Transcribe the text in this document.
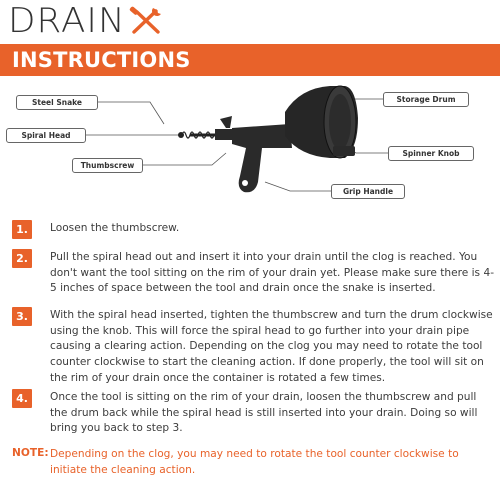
DRAIN
INSTRUCTIONS
Steel Snake
Spiral Head
Thumbscrew
Storage Drum
Spinner Knob
Grip Handle
1.	Loosen the thumbscrew.
2.	Pull the spiral head out and insert it into your drain until the clog is reached. You don't want the tool sitting on the rim of your drain yet. Please make sure there is 4-5 inches of space between the tool and drain once the snake is inserted.
3.	With the spiral head inserted, tighten the thumbscrew and turn the drum clockwise using the knob. This will force the spiral head to go further into your drain pipe causing a clearing action. Depending on the clog you may need to rotate the tool counter clockwise to start the cleaning action. If done properly, the tool will sit on the rim of your drain once the container is rotated a few times.
4.	Once the tool is sitting on the rim of your drain, loosen the thumbscrew and pull the drum back while the spiral head is still inserted into your drain. Doing so will bring you back to step 3.
NOTE: Depending on the clog, you may need to rotate the tool counter clockwise to initiate the cleaning action.
